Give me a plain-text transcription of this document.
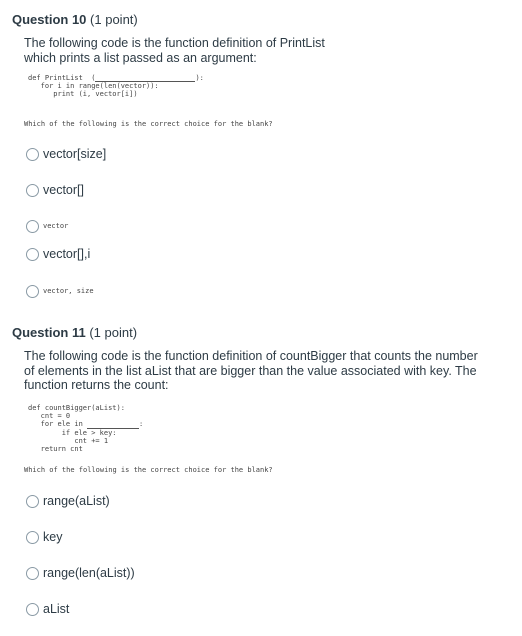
Question 10 (1 point)
The following code is the function definition of PrintList
which prints a list passed as an argument:
def PrintList  (	):
for i in range(len(vector)):
print (i, vector[i])
Which of the following is the correct choice for the blank?
vector[size]
vector[]
vector
vector[],i
vector, size
Question 11 (1 point)
The following code is the function definition of countBigger that counts the number
of elements in the list aList that are bigger than the value associated with key. The
function returns the count:
def countBigger(aList):
cnt = 0
for ele in	:
if ele > key:
cnt += 1
return cnt
Which of the following is the correct choice for the blank?
range(aList)
key
range(len(aList))
aList
